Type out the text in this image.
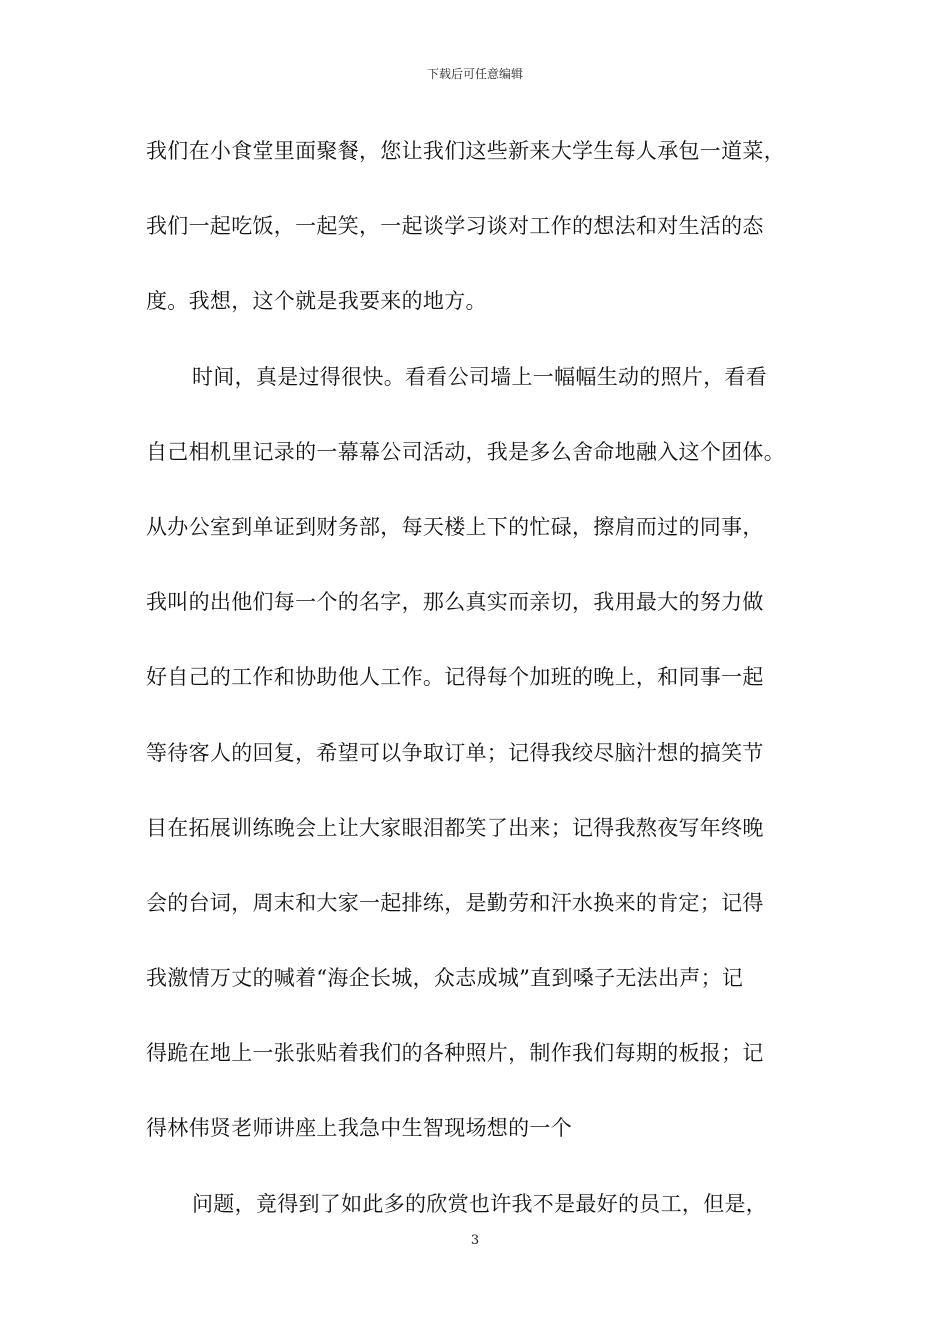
下载后可任意编辑
我们在小食堂里面聚餐，您让我们这些新来大学生每人承包一道菜，
我们一起吃饭，一起笑，一起谈学习谈对工作的想法和对生活的态
度。我想，这个就是我要来的地方。
时间，真是过得很快。看看公司墙上一幅幅生动的照片，看看
自己相机里记录的一幕幕公司活动，我是多么舍命地融入这个团体。
从办公室到单证到财务部，每天楼上下的忙碌，擦肩而过的同事，
我叫的出他们每一个的名字，那么真实而亲切，我用最大的努力做
好自己的工作和协助他人工作。记得每个加班的晚上，和同事一起
等待客人的回复，希望可以争取订单；记得我绞尽脑汁想的搞笑节
目在拓展训练晚会上让大家眼泪都笑了出来；记得我熬夜写年终晚
会的台词，周末和大家一起排练，是勤劳和汗水换来的肯定；记得
我激情万丈的喊着“海企长城，众志成城”直到嗓子无法出声；记
得跪在地上一张张贴着我们的各种照片，制作我们每期的板报；记
得林伟贤老师讲座上我急中生智现场想的一个
问题，竟得到了如此多的欣赏也许我不是最好的员工，但是，
3
